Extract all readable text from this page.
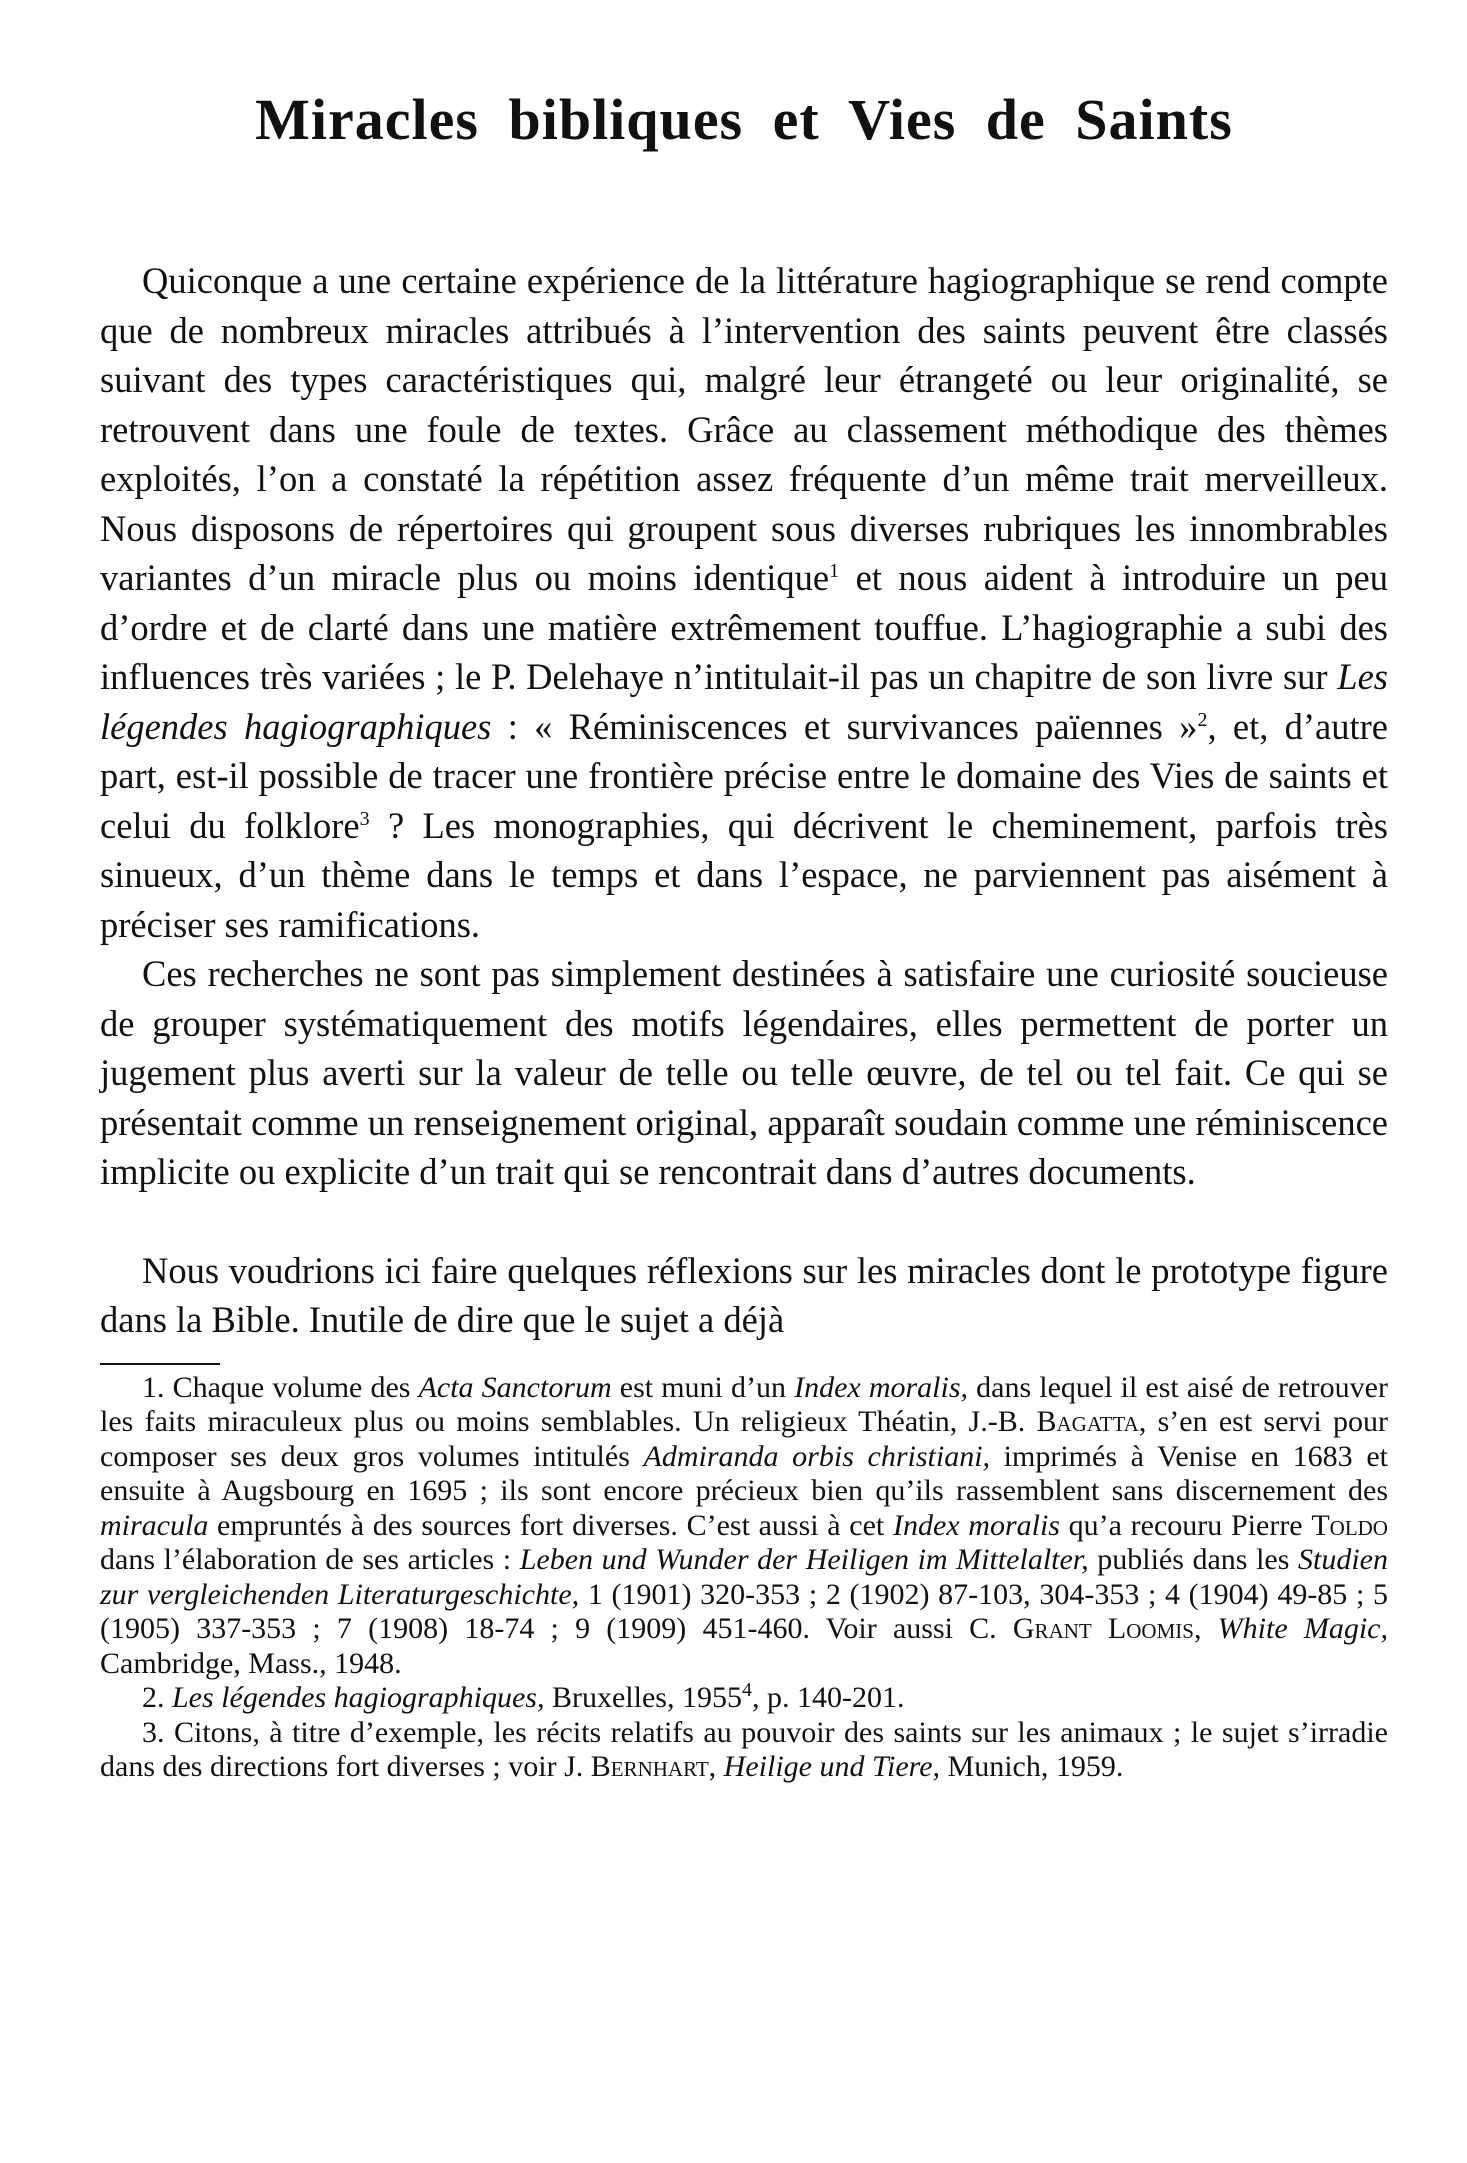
Miracles bibliques et Vies de Saints

Quiconque a une certaine expérience de la littérature hagiographique se rend compte que de nombreux miracles attribués à l’intervention des saints peuvent être classés suivant des types caractéristiques qui, malgré leur étrangeté ou leur originalité, se retrouvent dans une foule de textes. Grâce au classement méthodique des thèmes exploités, l’on a constaté la répétition assez fréquente d’un même trait merveilleux. Nous disposons de répertoires qui groupent sous diverses rubriques les innombrables variantes d’un miracle plus ou moins identique$^1$ et nous aident à introduire un peu d’ordre et de clarté dans une matière extrêmement touffue. L’hagiographie a subi des influences très variées ; le P. Delehaye n’intitulait-il pas un chapitre de son livre sur Les légendes hagiographiques : « Réminiscences et survivances païennes »$^2$, et, d’autre part, est-il possible de tracer une frontière précise entre le domaine des Vies de saints et celui du folklore$^3$ ? Les monographies, qui décrivent le cheminement, parfois très sinueux, d’un thème dans le temps et dans l’espace, ne parviennent pas aisément à préciser ses ramifications.

Ces recherches ne sont pas simplement destinées à satisfaire une curiosité soucieuse de grouper systématiquement des motifs légendaires, elles permettent de porter un jugement plus averti sur la valeur de telle ou telle œuvre, de tel ou tel fait. Ce qui se présentait comme un renseignement original, apparaît soudain comme une réminiscence implicite ou explicite d’un trait qui se rencontrait dans d’autres documents.

Nous voudrions ici faire quelques réflexions sur les miracles dont le prototype figure dans la Bible. Inutile de dire que le sujet a déjà

1. Chaque volume des Acta Sanctorum est muni d’un Index moralis, dans lequel il est aisé de retrouver les faits miraculeux plus ou moins semblables. Un religieux Théatin, J.-B. Bagatta, s’en est servi pour composer ses deux gros volumes intitulés Admiranda orbis christiani, imprimés à Venise en 1683 et ensuite à Augsbourg en 1695 ; ils sont encore précieux bien qu’ils rassemblent sans discernement des miracula empruntés à des sources fort diverses. C’est aussi à cet Index moralis qu’a recouru Pierre Toldo dans l’élaboration de ses articles : Leben und Wunder der Heiligen im Mittelalter, publiés dans les Studien zur vergleichenden Literaturgeschichte, 1 (1901) 320-353 ; 2 (1902) 87-103, 304-353 ; 4 (1904) 49-85 ; 5 (1905) 337-353 ; 7 (1908) 18-74 ; 9 (1909) 451-460. Voir aussi C. Grant Loomis, White Magic, Cambridge, Mass., 1948.

2. Les légendes hagiographiques, Bruxelles, 1955$^4$, p. 140-201.

3. Citons, à titre d’exemple, les récits relatifs au pouvoir des saints sur les animaux ; le sujet s’irradie dans des directions fort diverses ; voir J. Bernhart, Heilige und Tiere, Munich, 1959.
